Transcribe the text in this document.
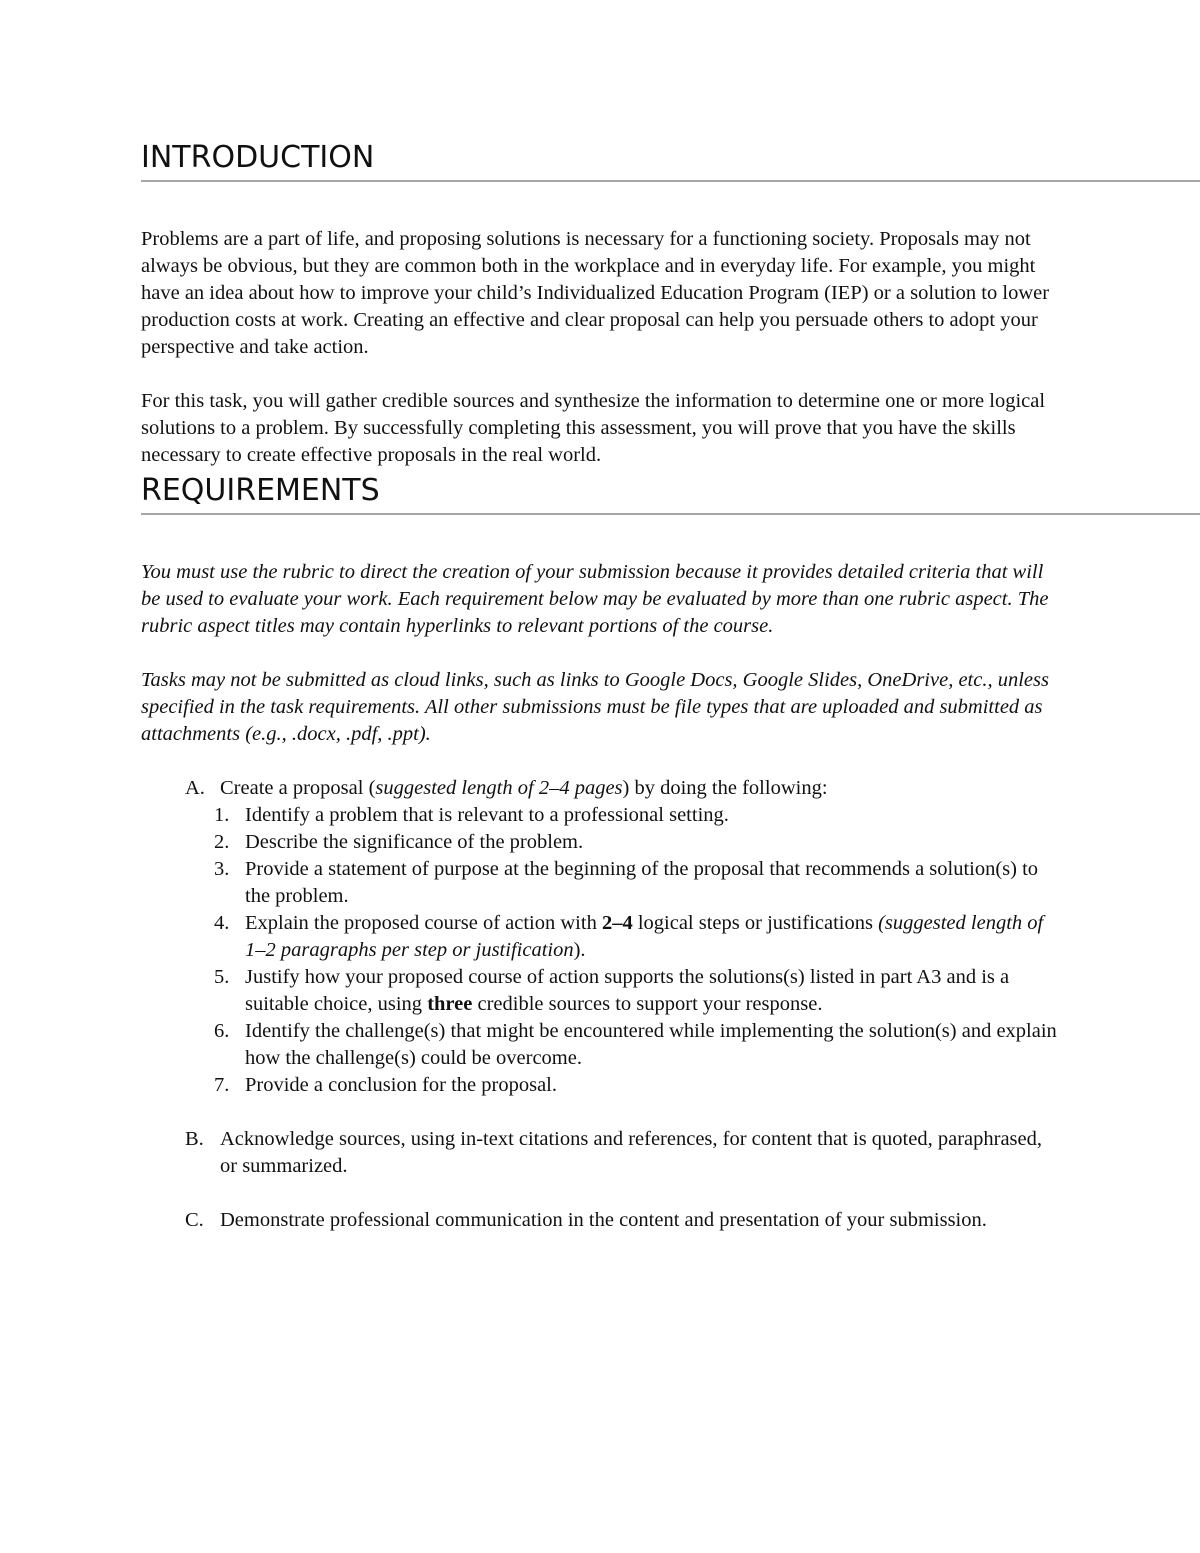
INTRODUCTION

Problems are a part of life, and proposing solutions is necessary for a functioning society. Proposals may not always be obvious, but they are common both in the workplace and in everyday life. For example, you might have an idea about how to improve your child’s Individualized Education Program (IEP) or a solution to lower production costs at work. Creating an effective and clear proposal can help you persuade others to adopt your perspective and take action.

For this task, you will gather credible sources and synthesize the information to determine one or more logical solutions to a problem. By successfully completing this assessment, you will prove that you have the skills necessary to create effective proposals in the real world.

REQUIREMENTS

You must use the rubric to direct the creation of your submission because it provides detailed criteria that will be used to evaluate your work. Each requirement below may be evaluated by more than one rubric aspect. The rubric aspect titles may contain hyperlinks to relevant portions of the course.

Tasks may not be submitted as cloud links, such as links to Google Docs, Google Slides, OneDrive, etc., unless specified in the task requirements. All other submissions must be file types that are uploaded and submitted as attachments (e.g., .docx, .pdf, .ppt).

A. Create a proposal (suggested length of 2–4 pages) by doing the following:
1. Identify a problem that is relevant to a professional setting.
2. Describe the significance of the problem.
3. Provide a statement of purpose at the beginning of the proposal that recommends a solution(s) to the problem.
4. Explain the proposed course of action with 2–4 logical steps or justifications (suggested length of 1–2 paragraphs per step or justification).
5. Justify how your proposed course of action supports the solutions(s) listed in part A3 and is a suitable choice, using three credible sources to support your response.
6. Identify the challenge(s) that might be encountered while implementing the solution(s) and explain how the challenge(s) could be overcome.
7. Provide a conclusion for the proposal.
B. Acknowledge sources, using in-text citations and references, for content that is quoted, paraphrased, or summarized.
C. Demonstrate professional communication in the content and presentation of your submission.
